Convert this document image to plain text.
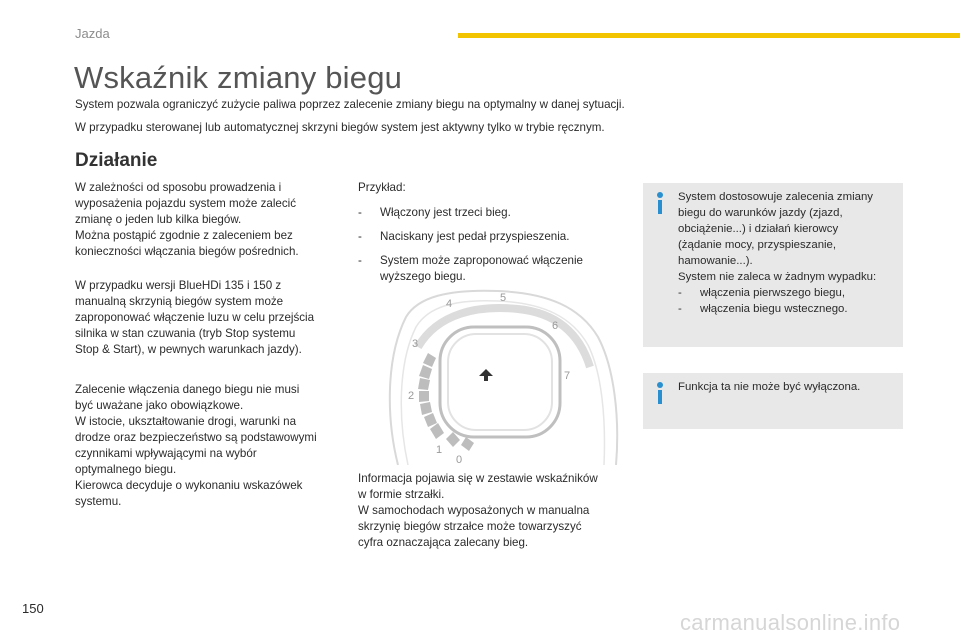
Jazda
Wskaźnik zmiany biegu
System pozwala ograniczyć zużycie paliwa poprzez zalecenie zmiany biegu na optymalny w danej sytuacji.
W przypadku sterowanej lub automatycznej skrzyni biegów system jest aktywny tylko w trybie ręcznym.
Działanie

W zależności od sposobu prowadzenia i
wyposażenia pojazdu system może zalecić
zmianę o jeden lub kilka biegów.
Można postąpić zgodnie z zaleceniem bez
konieczności włączania biegów pośrednich.

W przypadku wersji BlueHDi 135 i 150 z
manualną skrzynią biegów system może
zaproponować włączenie luzu w celu przejścia
silnika w stan czuwania (tryb Stop systemu
Stop & Start), w pewnych warunkach jazdy).

Zalecenie włączenia danego biegu nie musi
być uważane jako obowiązkowe.
W istocie, ukształtowanie drogi, warunki na
drodze oraz bezpieczeństwo są podstawowymi
czynnikami wpływającymi na wybór
optymalnego biegu.
Kierowca decyduje o wykonaniu wskazówek
systemu.

Przykład:
-	Włączony jest trzeci bieg.
-	Naciskany jest pedał przyspieszenia.
-	System może zaproponować włączenie
wyższego biegu.
1
0
2
3
4	5
6
7

Informacja pojawia się w zestawie wskaźników
w formie strzałki.
W samochodach wyposażonych w manualna
skrzynię biegów strzałce może towarzyszyć
cyfra oznaczająca zalecany bieg.

System dostosowuje zalecenia zmiany
biegu do warunków jazdy (zjazd,
obciążenie...) i działań kierowcy
(żądanie mocy, przyspieszanie,
hamowanie...).
System nie zaleca w żadnym wypadku:
-	włączenia pierwszego biegu,
-	włączenia biegu wstecznego.
Funkcja ta nie może być wyłączona.
150
carmanualsonline.info
